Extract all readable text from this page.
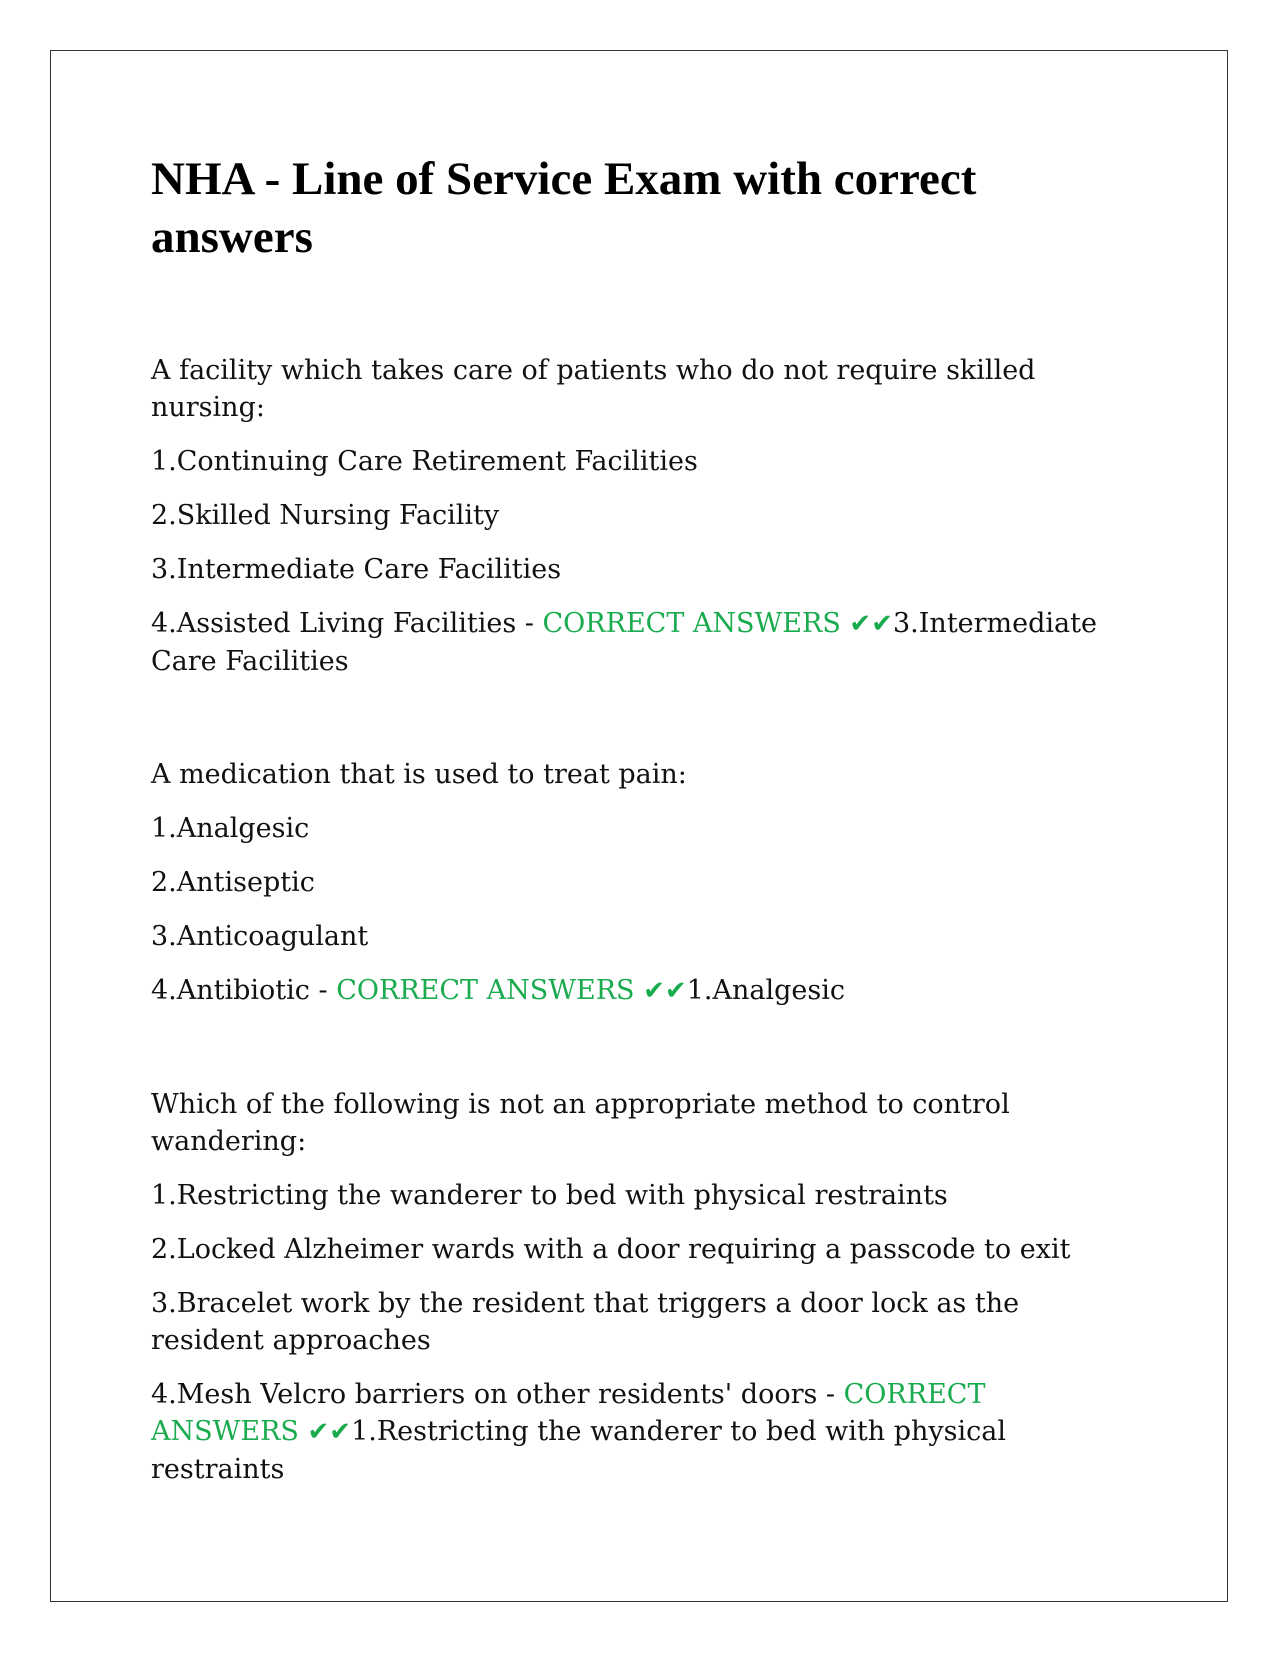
NHA - Line of Service Exam with correct answers

A facility which takes care of patients who do not require skilled nursing:

1.Continuing Care Retirement Facilities

2.Skilled Nursing Facility

3.Intermediate Care Facilities

4.Assisted Living Facilities - CORRECT ANSWERS ✔✔3.Intermediate Care Facilities

A medication that is used to treat pain:

1.Analgesic

2.Antiseptic

3.Anticoagulant

4.Antibiotic - CORRECT ANSWERS ✔✔1.Analgesic

Which of the following is not an appropriate method to control wandering:

1.Restricting the wanderer to bed with physical restraints

2.Locked Alzheimer wards with a door requiring a passcode to exit

3.Bracelet work by the resident that triggers a door lock as the resident approaches

4.Mesh Velcro barriers on other residents' doors - CORRECT ANSWERS ✔✔1.Restricting the wanderer to bed with physical restraints
